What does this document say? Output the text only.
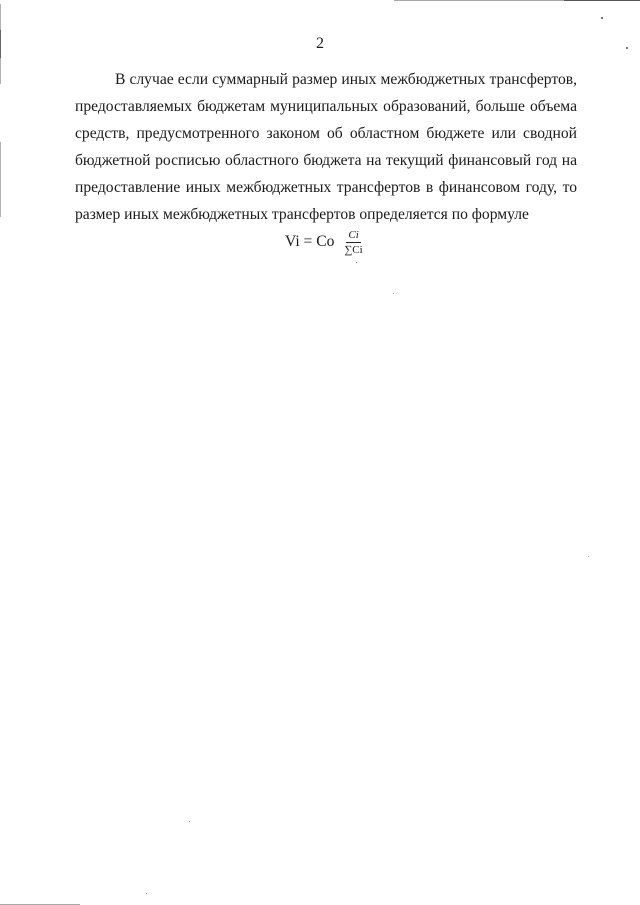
2

В случае если суммарный размер иных межбюджетных трансфертов, предоставляемых бюджетам муниципальных образований, больше объема средств, предусмотренного законом об областном бюджете или сводной бюджетной росписью областного бюджета на текущий финансовый год на предоставление иных межбюджетных трансфертов в финансовом году, то размер иных межбюджетных трансфертов определяется по формуле

Vi = Co $\frac{Ci}{\sum Ci}$
